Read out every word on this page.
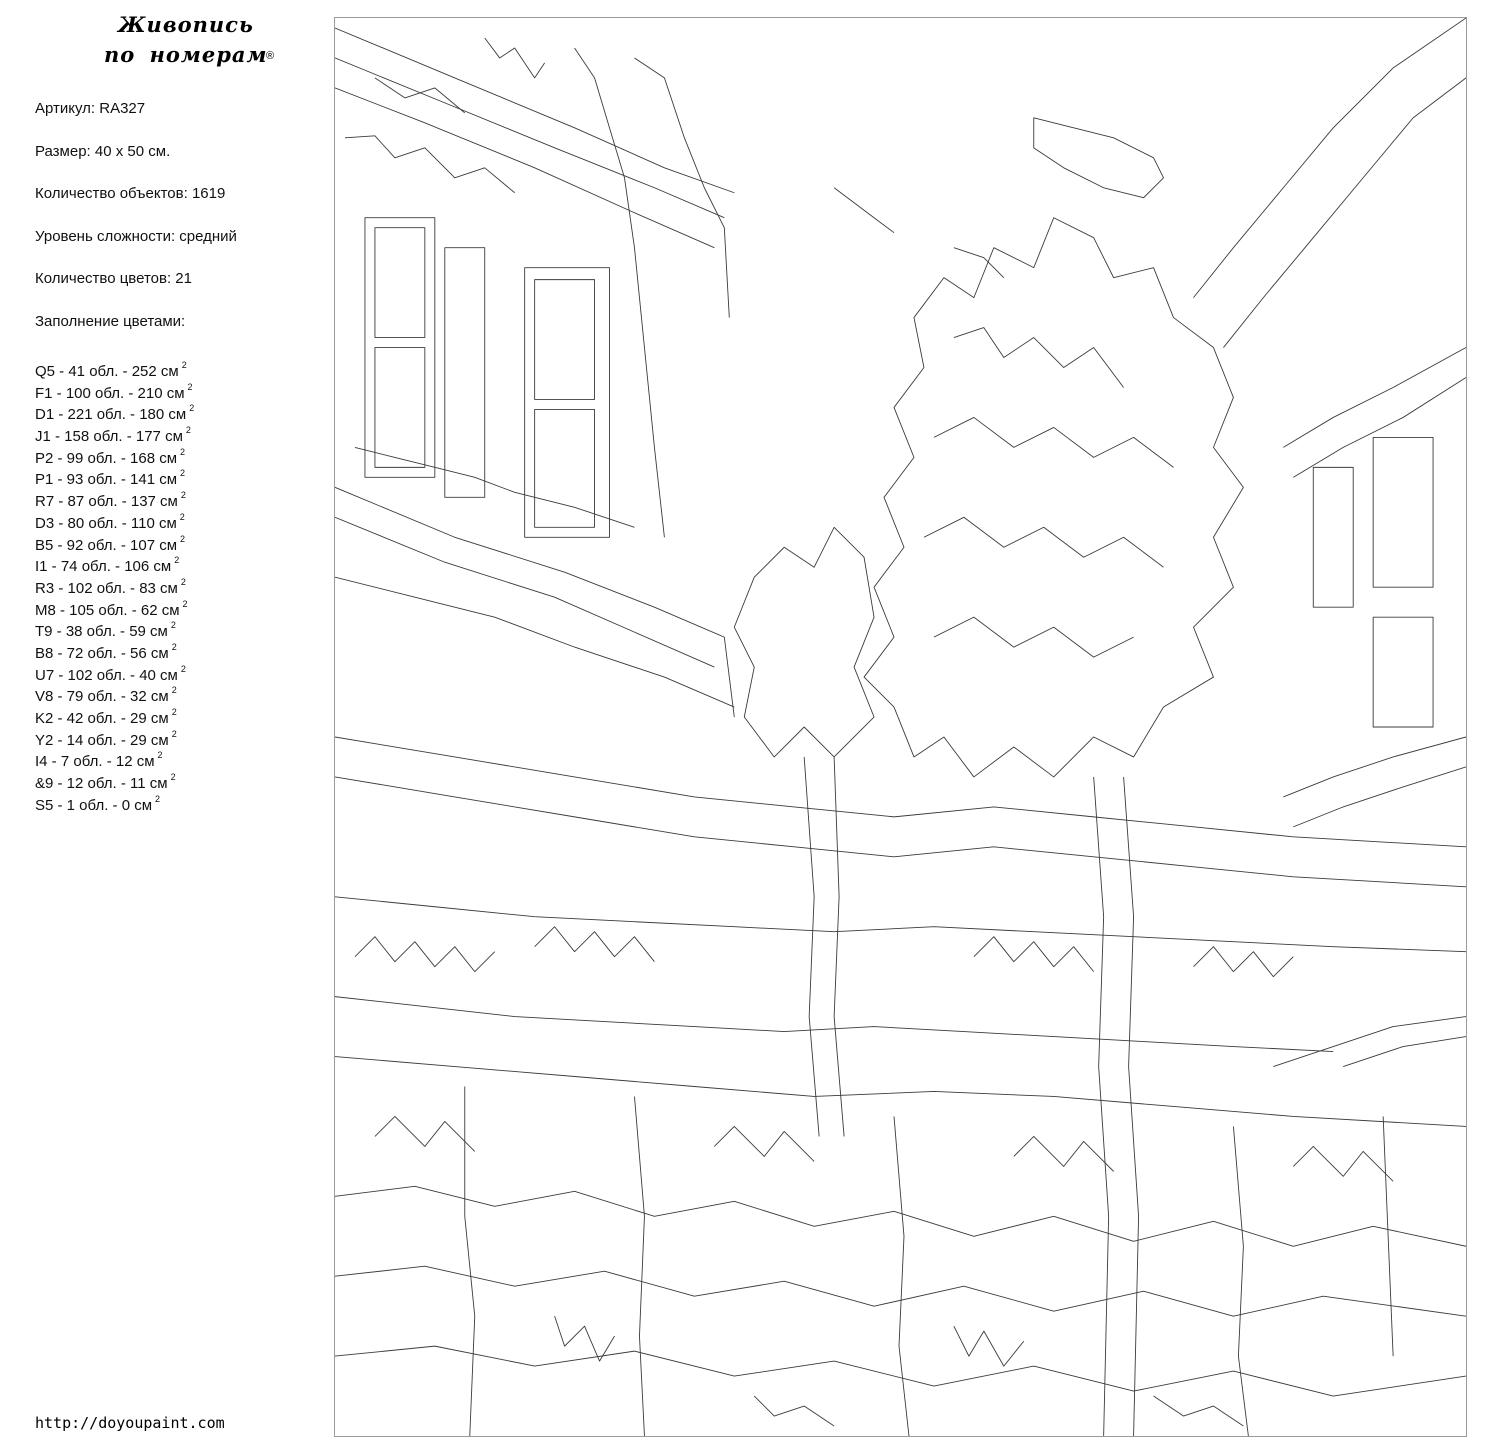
Живопись
по номерам
®
Артикул: RA327
Размер: 40 х 50 см.
Количество объектов: 1619
Уровень сложности: средний
Количество цветов: 21
Заполнение цветами:
Q5 - 41 обл. - 252 см $^2$
F1 - 100 обл. - 210 см $^2$
D1 - 221 обл. - 180 см $^2$
J1 - 158 обл. - 177 см $^2$
P2 - 99 обл. - 168 см $^2$
P1 - 93 обл. - 141 см $^2$
R7 - 87 обл. - 137 см $^2$
D3 - 80 обл. - 110 см $^2$
B5 - 92 обл. - 107 см $^2$
I1 - 74 обл. - 106 см $^2$
R3 - 102 обл. - 83 см $^2$
M8 - 105 обл. - 62 см $^2$
T9 - 38 обл. - 59 см $^2$
B8 - 72 обл. - 56 см $^2$
U7 - 102 обл. - 40 см $^2$
V8 - 79 обл. - 32 см $^2$
K2 - 42 обл. - 29 см $^2$
Y2 - 14 обл. - 29 см $^2$
I4 - 7 обл. - 12 см $^2$
&9 - 12 обл. - 11 см $^2$
S5 - 1 обл. - 0 см $^2$
http://doyoupaint.com
